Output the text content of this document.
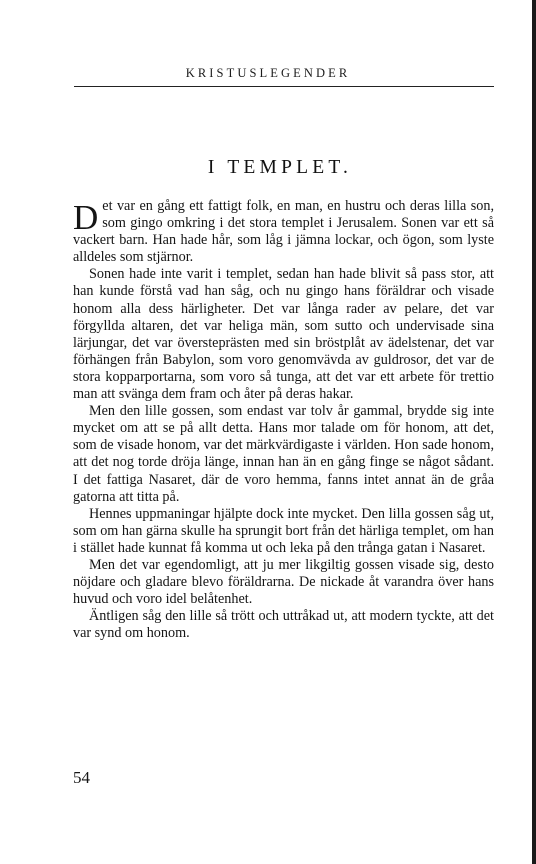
KRISTUSLEGENDER
I TEMPLET.

Det var en gång ett fattigt folk, en man, en hustru och deras lilla son, som gingo omkring i det stora templet i Jerusalem. Sonen var ett så vackert barn. Han hade hår, som låg i jämna lockar, och ögon, som lyste alldeles som stjärnor.

Sonen hade inte varit i templet, sedan han hade blivit så pass stor, att han kunde förstå vad han såg, och nu gingo hans föräldrar och visade honom alla dess härligheter. Det var långa rader av pelare, det var förgyllda altaren, det var heliga män, som sutto och undervisade sina lärjungar, det var översteprästen med sin bröstplåt av ädelstenar, det var förhängen från Babylon, som voro genomvävda av guldrosor, det var de stora kopparportarna, som voro så tunga, att det var ett arbete för trettio man att svänga dem fram och åter på deras hakar.

Men den lille gossen, som endast var tolv år gammal, brydde sig inte mycket om att se på allt detta. Hans mor talade om för honom, att det, som de visade honom, var det märkvärdigaste i världen. Hon sade honom, att det nog torde dröja länge, innan han än en gång finge se något sådant. I det fattiga Nasaret, där de voro hemma, fanns intet annat än de gråa gatorna att titta på.

Hennes uppmaningar hjälpte dock inte mycket. Den lilla gossen såg ut, som om han gärna skulle ha sprungit bort från det härliga templet, om han i stället hade kunnat få komma ut och leka på den trånga gatan i Nasaret.

Men det var egendomligt, att ju mer likgiltig gossen visade sig, desto nöjdare och gladare blevo föräldrarna. De nickade åt varandra över hans huvud och voro idel belåtenhet.

Äntligen såg den lille så trött och uttråkad ut, att modern tyckte, att det var synd om honom.

54
